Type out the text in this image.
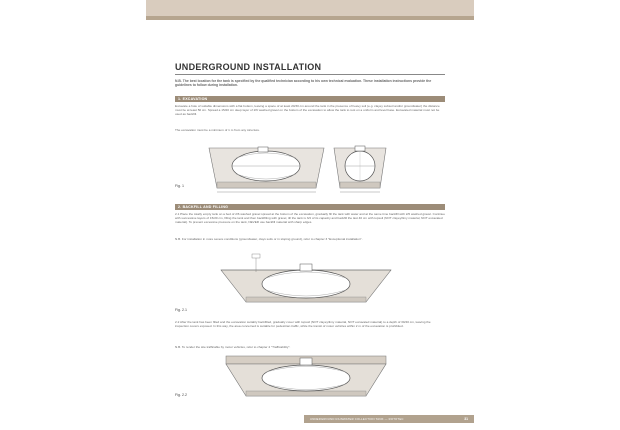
UNDERGROUND INSTALLATION
N.B. The best location for the tank is specified by the qualified technician according to his own technical evaluation. These installation instructions provide the guidelines to follow during installation.
1. EXCAVATION
Excavate a hole of suitable dimensions with a flat bottom, leaving a space of at least 20/30 cm around the tank in the presence of heavy soil (e.g. clayey subsoil and/or groundwater) the distance must be at least 50 cm. Spread a 15/20 cm deep layer of 2/6 washed gravel on the bottom of the excavation to allow the tank to rest on a uniform and level base. Excavated material must not be used as backfill.
The excavation must be a minimum of 1 m from any structure.
Fig. 1
2. BACKFILL AND FILLING
2.1 Place the totally empty tank on a bed of 2/6 washed gravel spread at the bottom of the excavation, gradually fill the tank with water and at the same time backfill with 2/6 washed gravel. Continue with successive layers of 15/20 cm, filling the tank and then backfilling with gravel, till the tank is 3/4 of its capacity and backfill the last 40 cm with topsoil (NOT clayey/limy material, NOT excavated material). To prevent excessive pressure on the tank, NEVER use backfill material with sharp edges.
N.B. For installation in more severe conditions (groundwater, clays soils or in sloping ground), refer to chapter 3 "Exceptional installation".
Fig. 2.1
2.2 After the tank has been filled and the excavation suitably backfilled, gradually cover with topsoil (NOT clayey/limy material, NOT excavated material) to a depth of 30/40 cm, leaving the inspection covers exposed. In this way, the area concerned is suitable for pedestrian traffic, while the transit of motor vehicles within 2 m of the excavation is prohibited.
N.B. To render the site trafficable by motor vehicles, refer to chapter 4 "Trafficability".
Fig. 2.2
UNDERGROUND RAINWATER COLLECTION TANK — ROTOTEC	31
